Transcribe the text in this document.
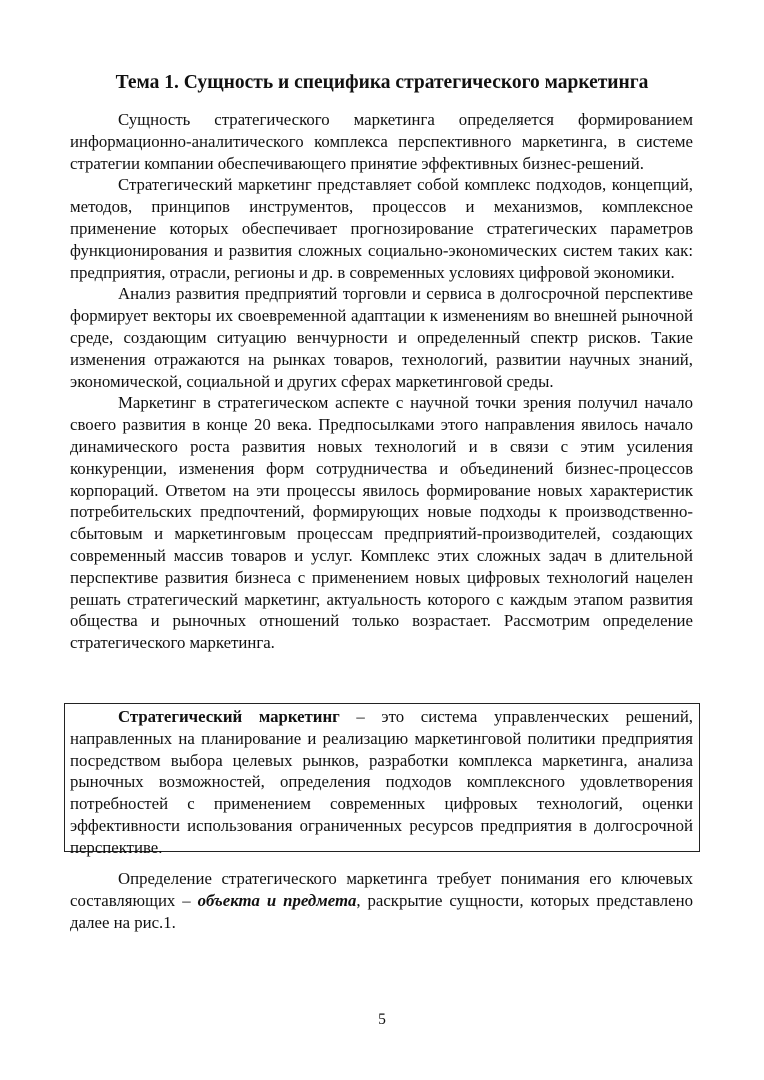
Тема 1. Сущность и специфика стратегического маркетинга

Сущность стратегического маркетинга определяется формированием информационно-аналитического комплекса перспективного маркетинга, в системе стратегии компании обеспечивающего принятие эффективных бизнес-решений.

Стратегический маркетинг представляет собой комплекс подходов, концепций, методов, принципов инструментов, процессов и механизмов, комплексное применение которых обеспечивает прогнозирование стратегических параметров функционирования и развития сложных социально-экономических систем таких как: предприятия, отрасли, регионы и др. в современных условиях цифровой экономики.

Анализ развития предприятий торговли и сервиса в долгосрочной перспективе формирует векторы их своевременной адаптации к изменениям во внешней рыночной среде, создающим ситуацию венчурности и определенный спектр рисков. Такие изменения отражаются на рынках товаров, технологий, развитии научных знаний, экономической, социальной и других сферах маркетинговой среды.

Маркетинг в стратегическом аспекте с научной точки зрения получил начало своего развития в конце 20 века. Предпосылками этого направления явилось начало динамического роста развития новых технологий и в связи с этим усиления конкуренции, изменения форм сотрудничества и объединений бизнес-процессов корпораций. Ответом на эти процессы явилось формирование новых характеристик потребительских предпочтений, формирующих новые подходы к производственно-сбытовым и маркетинговым процессам предприятий-производителей, создающих современный массив товаров и услуг. Комплекс этих сложных задач в длительной перспективе развития бизнеса с применением новых цифровых технологий нацелен решать стратегический маркетинг, актуальность которого с каждым этапом развития общества и рыночных отношений только возрастает. Рассмотрим определение стратегического маркетинга.

Стратегический маркетинг – это система управленческих решений, направленных на планирование и реализацию маркетинговой политики предприятия посредством выбора целевых рынков, разработки комплекса маркетинга, анализа рыночных возможностей, определения подходов комплексного удовлетворения потребностей с применением современных цифровых технологий, оценки эффективности использования ограниченных ресурсов предприятия в долгосрочной перспективе.

Определение стратегического маркетинга требует понимания его ключевых составляющих – объекта и предмета, раскрытие сущности, которых представлено далее на рис.1.

5
